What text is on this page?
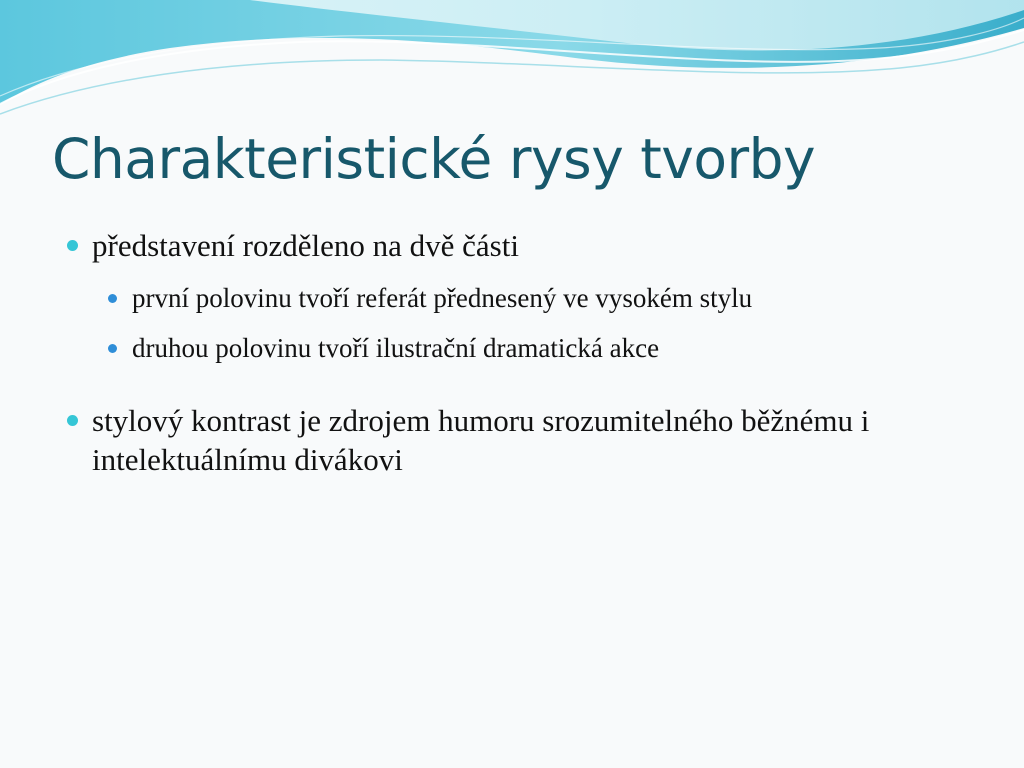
Charakteristické rysy tvorby
představení rozděleno na dvě části
první polovinu tvoří referát přednesený ve vysokém stylu
druhou polovinu tvoří ilustrační dramatická akce
stylový kontrast je zdrojem humoru srozumitelného běžnému i intelektuálnímu divákovi
